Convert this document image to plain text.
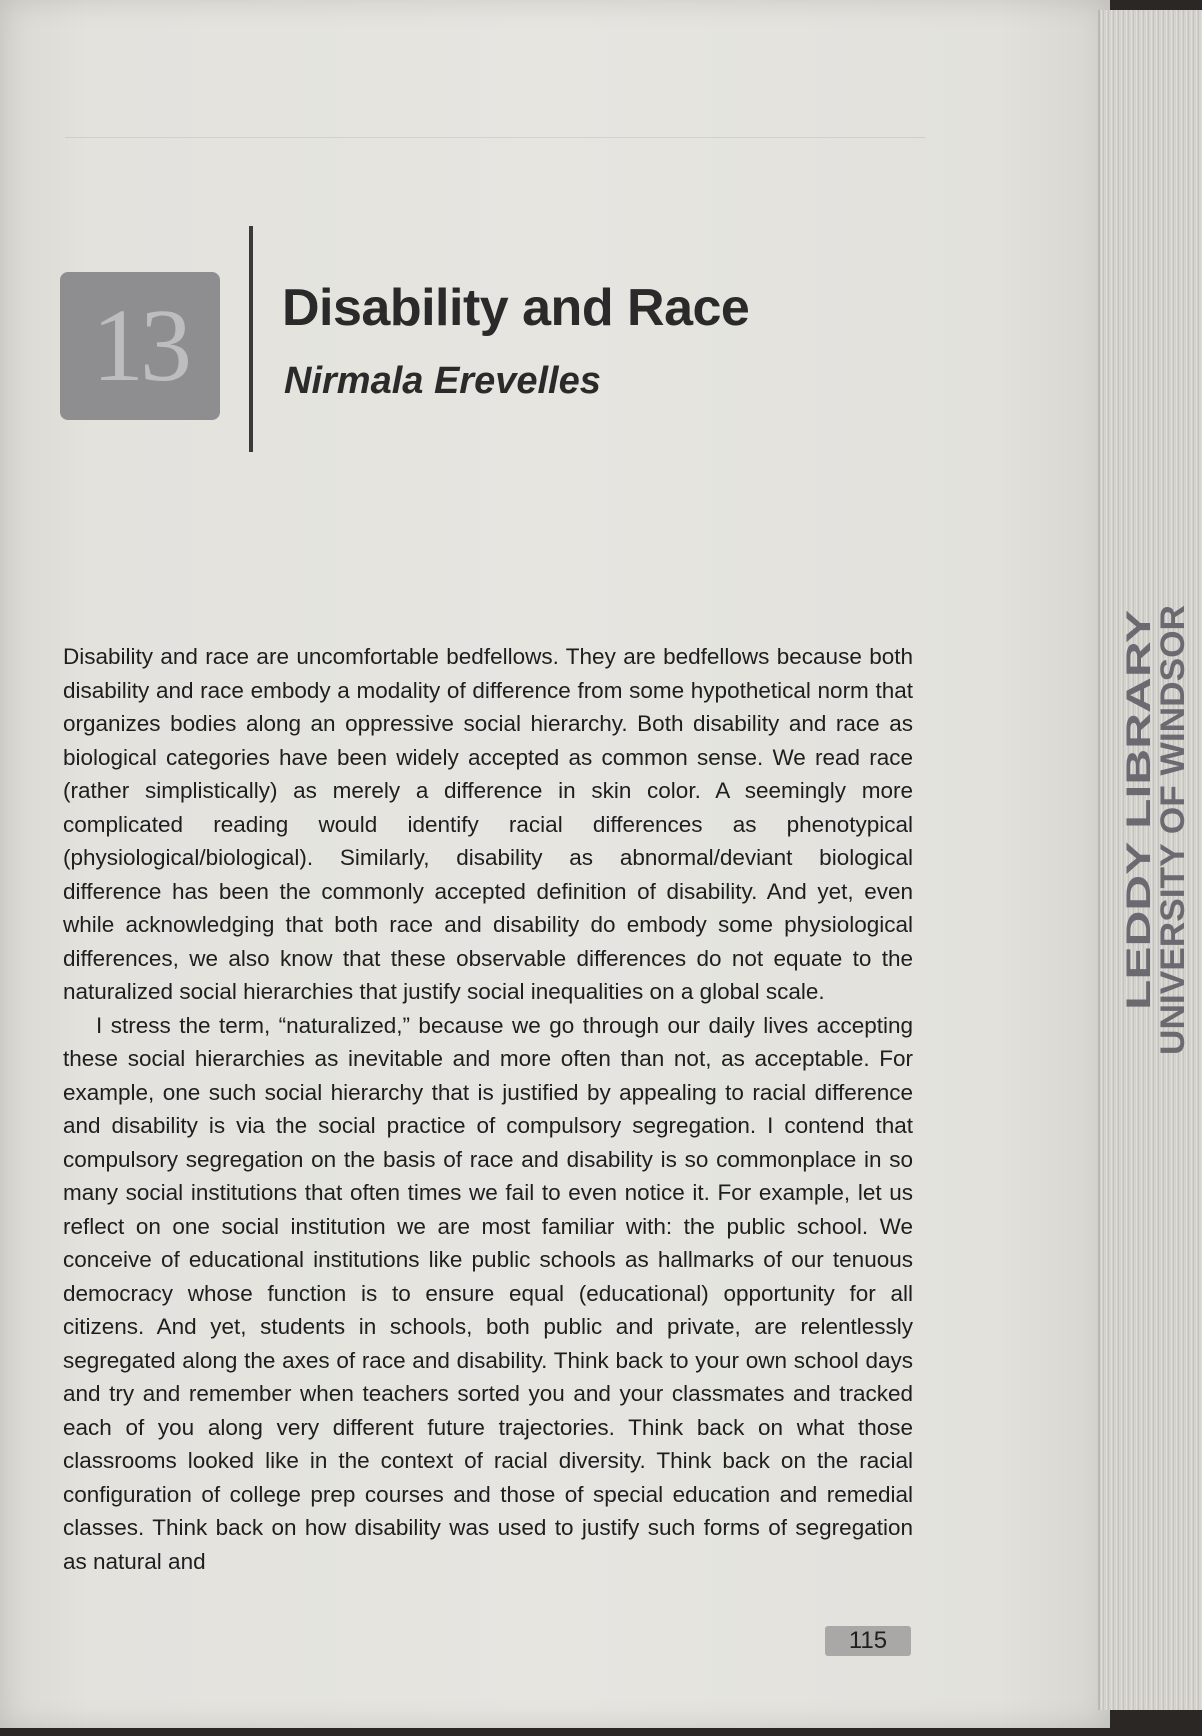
13 Disability and Race
Nirmala Erevelles

Disability and race are uncomfortable bedfellows. They are bedfellows because both disability and race embody a modality of difference from some hypothetical norm that organizes bodies along an oppressive social hierarchy. Both disability and race as biological categories have been widely accepted as common sense. We read race (rather simplistically) as merely a difference in skin color. A seemingly more complicated reading would identify racial differences as phenotypical (physiological/biological). Similarly, disability as abnormal/deviant biological difference has been the commonly accepted definition of disability. And yet, even while acknowledging that both race and disability do embody some physiological differences, we also know that these observable differences do not equate to the naturalized social hierarchies that justify social inequalities on a global scale.

I stress the term, “naturalized,” because we go through our daily lives accepting these social hierarchies as inevitable and more often than not, as acceptable. For example, one such social hierarchy that is justified by appealing to racial difference and disability is via the social practice of compulsory segregation. I contend that compulsory segregation on the basis of race and disability is so commonplace in so many social institutions that often times we fail to even notice it. For example, let us reflect on one social institution we are most familiar with: the public school. We conceive of educational institutions like public schools as hallmarks of our tenuous democracy whose function is to ensure equal (educational) opportunity for all citizens. And yet, students in schools, both public and private, are relentlessly segregated along the axes of race and disability. Think back to your own school days and try and remember when teachers sorted you and your classmates and tracked each of you along very different future trajectories. Think back on what those classrooms looked like in the context of racial diversity. Think back on the racial configuration of college prep courses and those of special education and remedial classes. Think back on how disability was used to justify such forms of segregation as natural and

115
LEDDY LIBRARY
UNIVERSITY OF WINDSOR
